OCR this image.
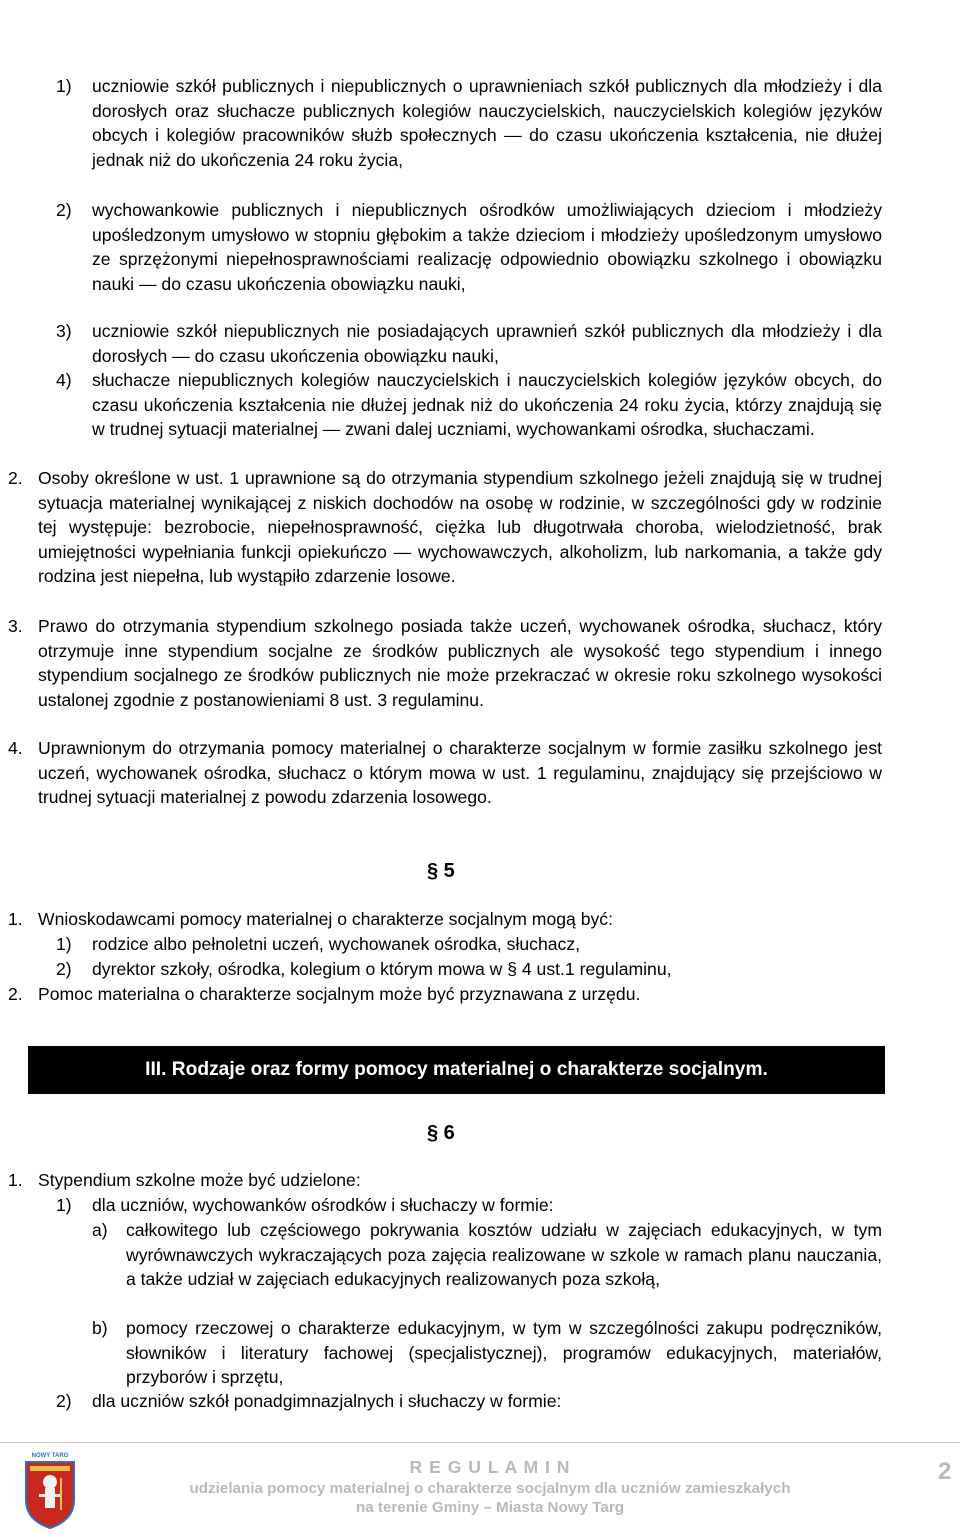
1) uczniowie szkół publicznych i niepublicznych o uprawnieniach szkół publicznych dla młodzieży i dla dorosłych oraz słuchacze publicznych kolegiów nauczycielskich, nauczycielskich kolegiów języków obcych i kolegiów pracowników służb społecznych — do czasu ukończenia kształcenia, nie dłużej jednak niż do ukończenia 24 roku życia,
2) wychowankowie publicznych i niepublicznych ośrodków umożliwiających dzieciom i młodzieży upośledzonym umysłowo w stopniu głębokim a także dzieciom i młodzieży upośledzonym umysłowo ze sprzężonymi niepełnosprawnościami realizację odpowiednio obowiązku szkolnego i obowiązku nauki — do czasu ukończenia obowiązku nauki,
3) uczniowie szkół niepublicznych nie posiadających uprawnień szkół publicznych dla młodzieży i dla dorosłych — do czasu ukończenia obowiązku nauki,
4) słuchacze niepublicznych kolegiów nauczycielskich i nauczycielskich kolegiów języków obcych, do czasu ukończenia kształcenia nie dłużej jednak niż do ukończenia 24 roku życia, którzy znajdują się w trudnej sytuacji materialnej — zwani dalej uczniami, wychowankami ośrodka, słuchaczami.
2. Osoby określone w ust. 1 uprawnione są do otrzymania stypendium szkolnego jeżeli znajdują się w trudnej sytuacja materialnej wynikającej z niskich dochodów na osobę w rodzinie, w szczególności gdy w rodzinie tej występuje: bezrobocie, niepełnosprawność, ciężka lub długotrwała choroba, wielodzietność, brak umiejętności wypełniania funkcji opiekuńczo — wychowawczych, alkoholizm, lub narkomania, a także gdy rodzina jest niepełna, lub wystąpiło zdarzenie losowe.
3. Prawo do otrzymania stypendium szkolnego posiada także uczeń, wychowanek ośrodka, słuchacz, który otrzymuje inne stypendium socjalne ze środków publicznych ale wysokość tego stypendium i innego stypendium socjalnego ze środków publicznych nie może przekraczać w okresie roku szkolnego wysokości ustalonej zgodnie z postanowieniami 8 ust. 3 regulaminu.
4. Uprawnionym do otrzymania pomocy materialnej o charakterze socjalnym w formie zasiłku szkolnego jest uczeń, wychowanek ośrodka, słuchacz o którym mowa w ust. 1 regulaminu, znajdujący się przejściowo w trudnej sytuacji materialnej z powodu zdarzenia losowego.
§ 5
1. Wnioskodawcami pomocy materialnej o charakterze socjalnym mogą być:
1) rodzice albo pełnoletni uczeń, wychowanek ośrodka, słuchacz,
2) dyrektor szkoły, ośrodka, kolegium o którym mowa w § 4 ust.1 regulaminu,
2. Pomoc materialna o charakterze socjalnym może być przyznawana z urzędu.
III. Rodzaje oraz formy pomocy materialnej o charakterze socjalnym.
§ 6
1. Stypendium szkolne może być udzielone:
1) dla uczniów, wychowanków ośrodków i słuchaczy w formie:
a) całkowitego lub częściowego pokrywania kosztów udziału w zajęciach edukacyjnych, w tym wyrównawczych wykraczających poza zajęcia realizowane w szkole w ramach planu nauczania, a także udział w zajęciach edukacyjnych realizowanych poza szkołą,
b) pomocy rzeczowej o charakterze edukacyjnym, w tym w szczególności zakupu podręczników, słowników i literatury fachowej (specjalistycznej), programów edukacyjnych, materiałów, przyborów i sprzętu,
2) dla uczniów szkół ponadgimnazjalnych i słuchaczy w formie:
NOWY TARG
R E G U L A M I N
udzielania pomocy materialnej o charakterze socjalnym dla uczniów zamieszkałych
na terenie Gminy – Miasta Nowy Targ
2
